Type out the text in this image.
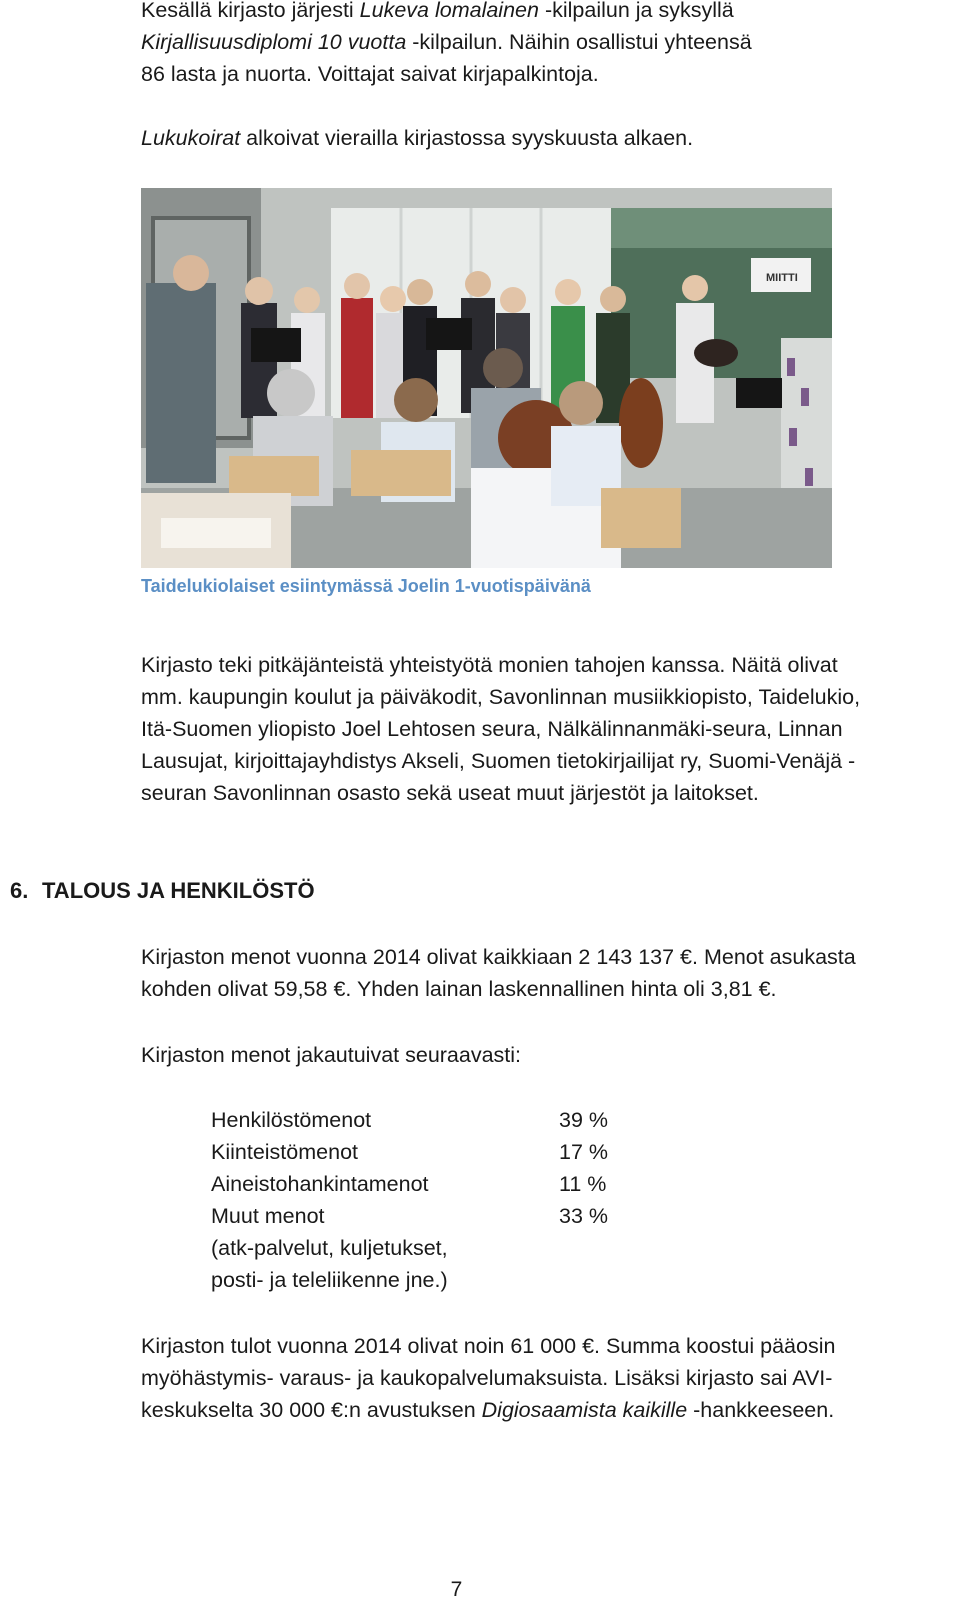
Kesällä kirjasto järjesti Lukeva lomalainen -kilpailun ja syksyllä

Kirjallisuusdiplomi 10 vuotta -kilpailun. Näihin osallistui yhteensä

86 lasta ja nuorta. Voittajat saivat kirjapalkintoja.

Lukukoirat alkoivat vierailla kirjastossa syyskuusta alkaen.

MIITTI
Taidelukiolaiset esiintymässä Joelin 1-vuotispäivänä

Kirjasto teki pitkäjänteistä yhteistyötä monien tahojen kanssa. Näitä olivat

mm. kaupungin koulut ja päiväkodit, Savonlinnan musiikkiopisto, Taidelukio,

Itä-Suomen yliopisto Joel Lehtosen seura, Nälkälinnanmäki-seura, Linnan

Lausujat, kirjoittajayhdistys Akseli, Suomen tietokirjailijat ry, Suomi-Venäjä -

seuran Savonlinnan osasto sekä useat muut järjestöt ja laitokset.

6. TALOUS JA HENKILÖSTÖ

Kirjaston menot vuonna 2014 olivat kaikkiaan 2 143 137 €. Menot asukasta

kohden olivat 59,58 €. Yhden lainan laskennallinen hinta oli 3,81 €.

Kirjaston menot jakautuivat seuraavasti:

Henkilöstömenot	39 %
Kiinteistömenot	17 %
Aineistohankintamenot	11 %
Muut menot	33 %
(atk-palvelut, kuljetukset,
posti- ja teleliikenne jne.)

Kirjaston tulot vuonna 2014 olivat noin 61 000 €. Summa koostui pääosin

myöhästymis- varaus- ja kaukopalvelumaksuista. Lisäksi kirjasto sai AVI-

keskukselta 30 000 €:n avustuksen Digiosaamista kaikille -hankkeeseen.

7
